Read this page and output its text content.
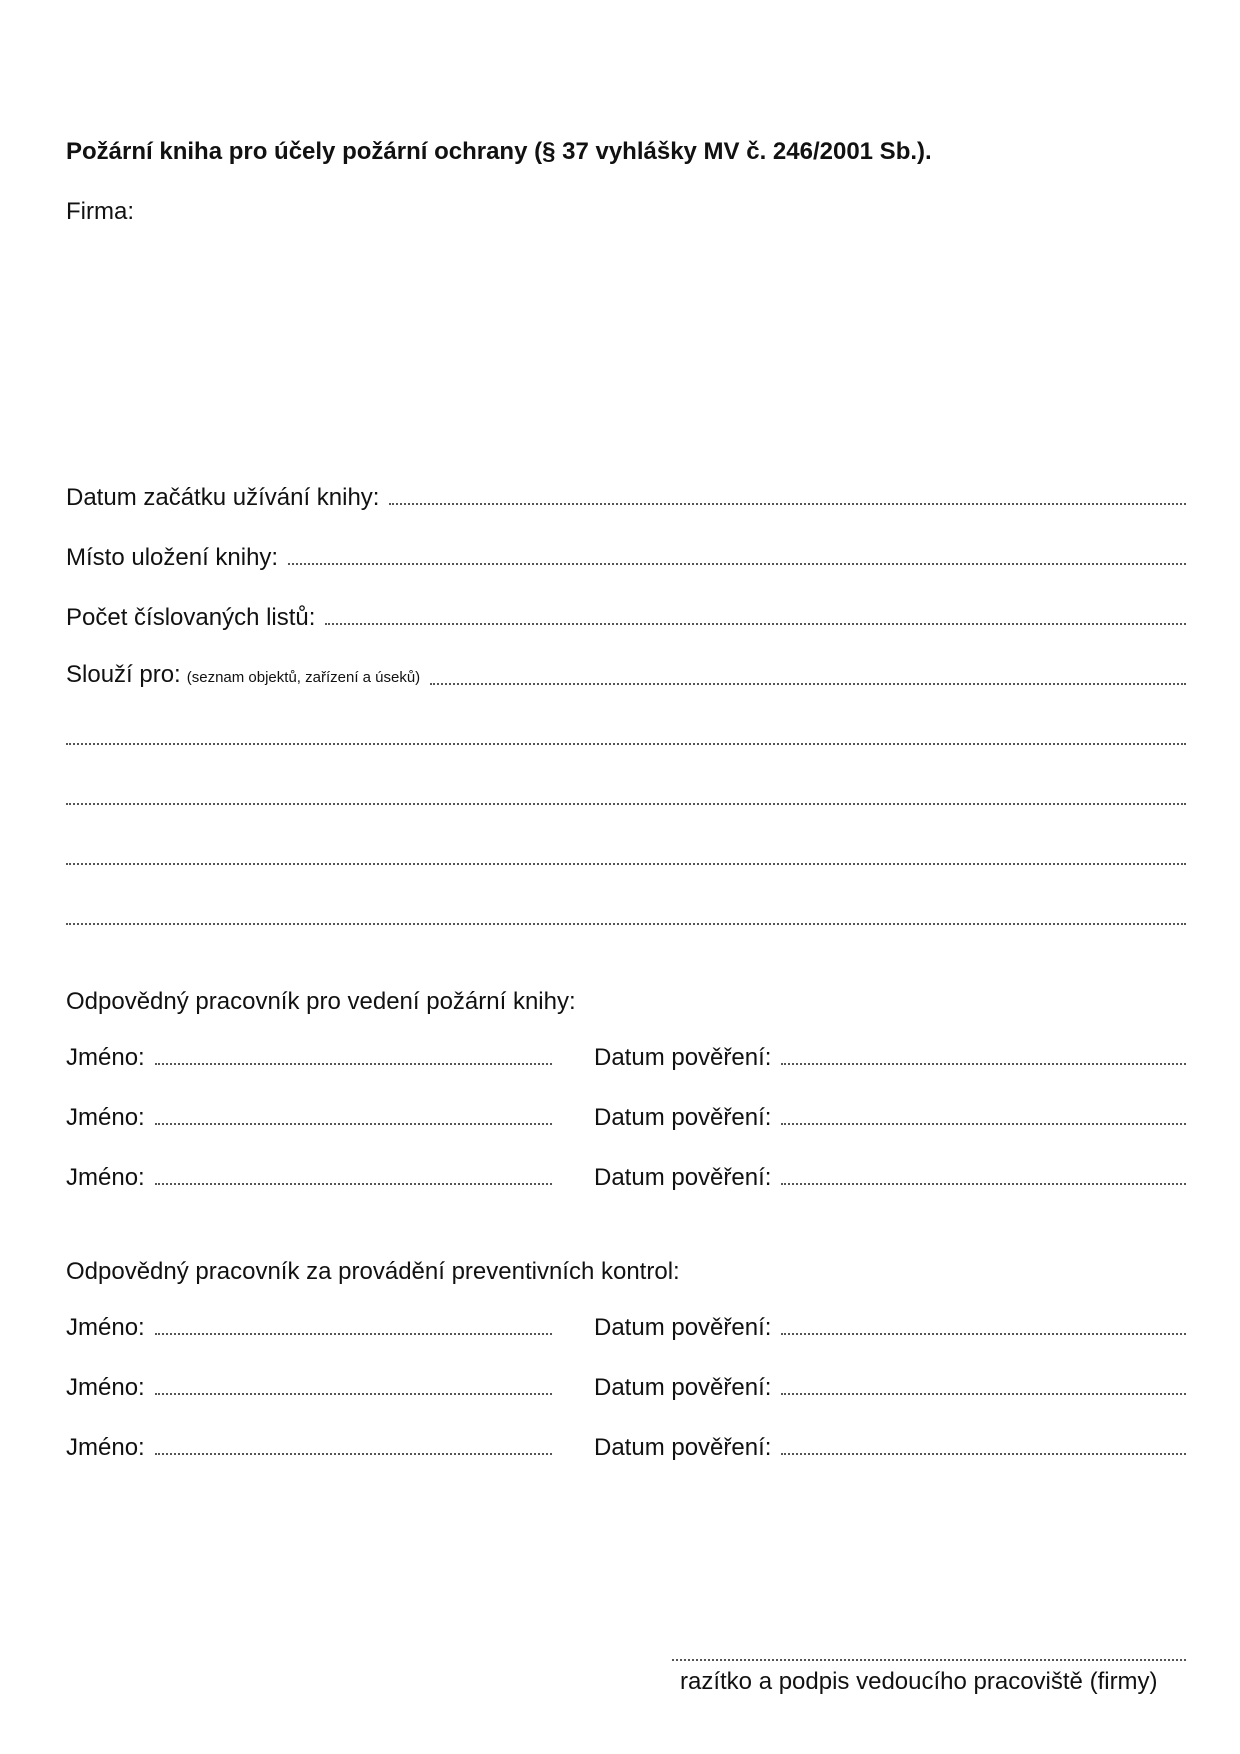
Požární kniha pro účely požární ochrany (§ 37 vyhlášky MV č. 246/2001 Sb.).
Firma:
Datum začátku užívání knihy:
Místo uložení knihy:
Počet číslovaných listů:
Slouží pro: (seznam objektů, zařízení a úseků)
Odpovědný pracovník pro vedení požární knihy:
Jméno:	Datum pověření:
Jméno:	Datum pověření:
Jméno:	Datum pověření:
Odpovědný pracovník za provádění preventivních kontrol:
Jméno:	Datum pověření:
Jméno:	Datum pověření:
Jméno:	Datum pověření:
razítko a podpis vedoucího pracoviště (firmy)
